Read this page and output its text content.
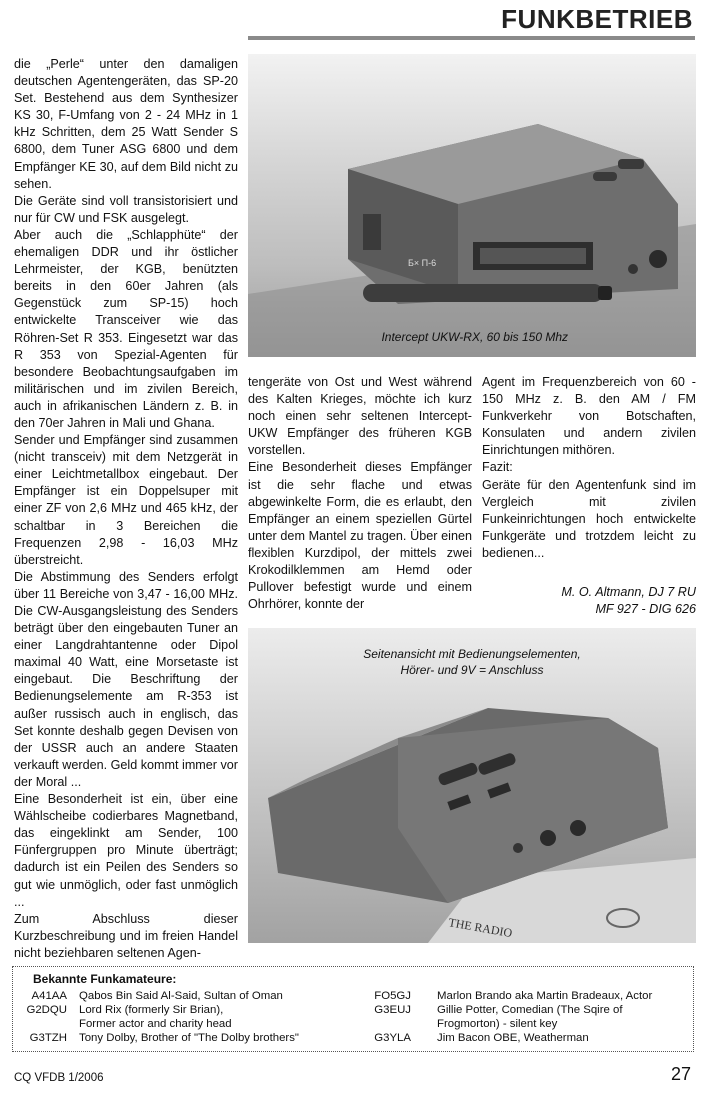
FUNKBETRIEB

die „Perle“ unter den damaligen deutschen Agentengeräten, das SP-20 Set. Bestehend aus dem Synthesizer KS 30, F-Umfang von 2 - 24 MHz in 1 kHz Schritten, dem 25 Watt Sender S 6800, dem Tuner ASG 6800 und dem Empfänger KE 30, auf dem Bild nicht zu sehen.

Die Geräte sind voll transistorisiert und nur für CW und FSK ausgelegt.

Aber auch die „Schlapphüte“ der ehemaligen DDR und ihr östlicher Lehrmeister, der KGB, benützten bereits in den 60er Jahren (als Gegenstück zum SP-15) hoch entwickelte Transceiver wie das Röhren-Set R 353. Eingesetzt war das R 353 von Spezial-Agenten für besondere Beobachtungsaufgaben im militärischen und im zivilen Bereich, auch in afrikanischen Ländern z. B. in den 70er Jahren in Mali und Ghana.

Sender und Empfänger sind zusammen (nicht transceiv) mit dem Netzgerät in einer Leichtmetallbox eingebaut. Der Empfänger ist ein Doppelsuper mit einer ZF von 2,6 MHz und 465 kHz, der schaltbar in 3 Bereichen die Frequenzen 2,98 - 16,03 MHz überstreicht.

Die Abstimmung des Senders erfolgt über 11 Bereiche von 3,47 - 16,00 MHz. Die CW-Ausgangsleistung des Senders beträgt über den eingebauten Tuner an einer Langdrahtantenne oder Dipol maximal 40 Watt, eine Morsetaste ist eingebaut. Die Beschriftung der Bedienungselemente am R-353 ist außer russisch auch in englisch, das Set konnte deshalb gegen Devisen von der USSR auch an andere Staaten verkauft werden. Geld kommt immer vor der Moral ...

Eine Besonderheit ist ein, über eine Wählscheibe codierbares Magnetband, das eingeklinkt am Sender, 100 Fünfergruppen pro Minute überträgt; dadurch ist ein Peilen des Senders so gut wie unmöglich, oder fast unmöglich ...

Zum Abschluss dieser Kurzbeschreibung und im freien Handel nicht beziehbaren seltenen Agen-

Б× П-6
Intercept UKW-RX, 60 bis 150 Mhz

tengeräte von Ost und West während des Kalten Krieges, möchte ich kurz noch einen sehr seltenen Intercept-UKW Empfänger des früheren KGB vorstellen.

Eine Besonderheit dieses Empfänger ist die sehr flache und etwas abgewinkelte Form, die es erlaubt, den Empfänger an einem speziellen Gürtel unter dem Mantel zu tragen. Über einen flexiblen Kurzdipol, der mittels zwei Krokodilklemmen am Hemd oder Pullover befestigt wurde und einem Ohrhörer, konnte der

Agent im Frequenzbereich von 60 - 150 MHz z. B. den AM / FM Funkverkehr von Botschaften, Konsulaten und andern zivilen Einrichtungen mithören.

Fazit:

Geräte für den Agentenfunk sind im Vergleich mit zivilen Funkeinrichtungen hoch entwickelte Funkgeräte und trotzdem leicht zu bedienen...

M. O. Altmann, DJ 7 RU
MF 927 - DIG 626

THE RADIO
Seitenansicht mit Bedienungselementen,
Hörer- und 9V = Anschluss
Bekannte Funkamateure:
A41AA Qabos Bin Said Al-Said, Sultan of Oman
G2DQU Lord Rix (formerly Sir Brian),
Former actor and charity head
G3TZH Tony Dolby, Brother of "The Dolby brothers"
FO5GJ Marlon Brando aka Martin Bradeaux, Actor
G3EUJ Gillie Potter, Comedian (The Sqire of
Frogmorton) - silent key
G3YLA Jim Bacon OBE, Weatherman
CQ VFDB 1/2006	27
